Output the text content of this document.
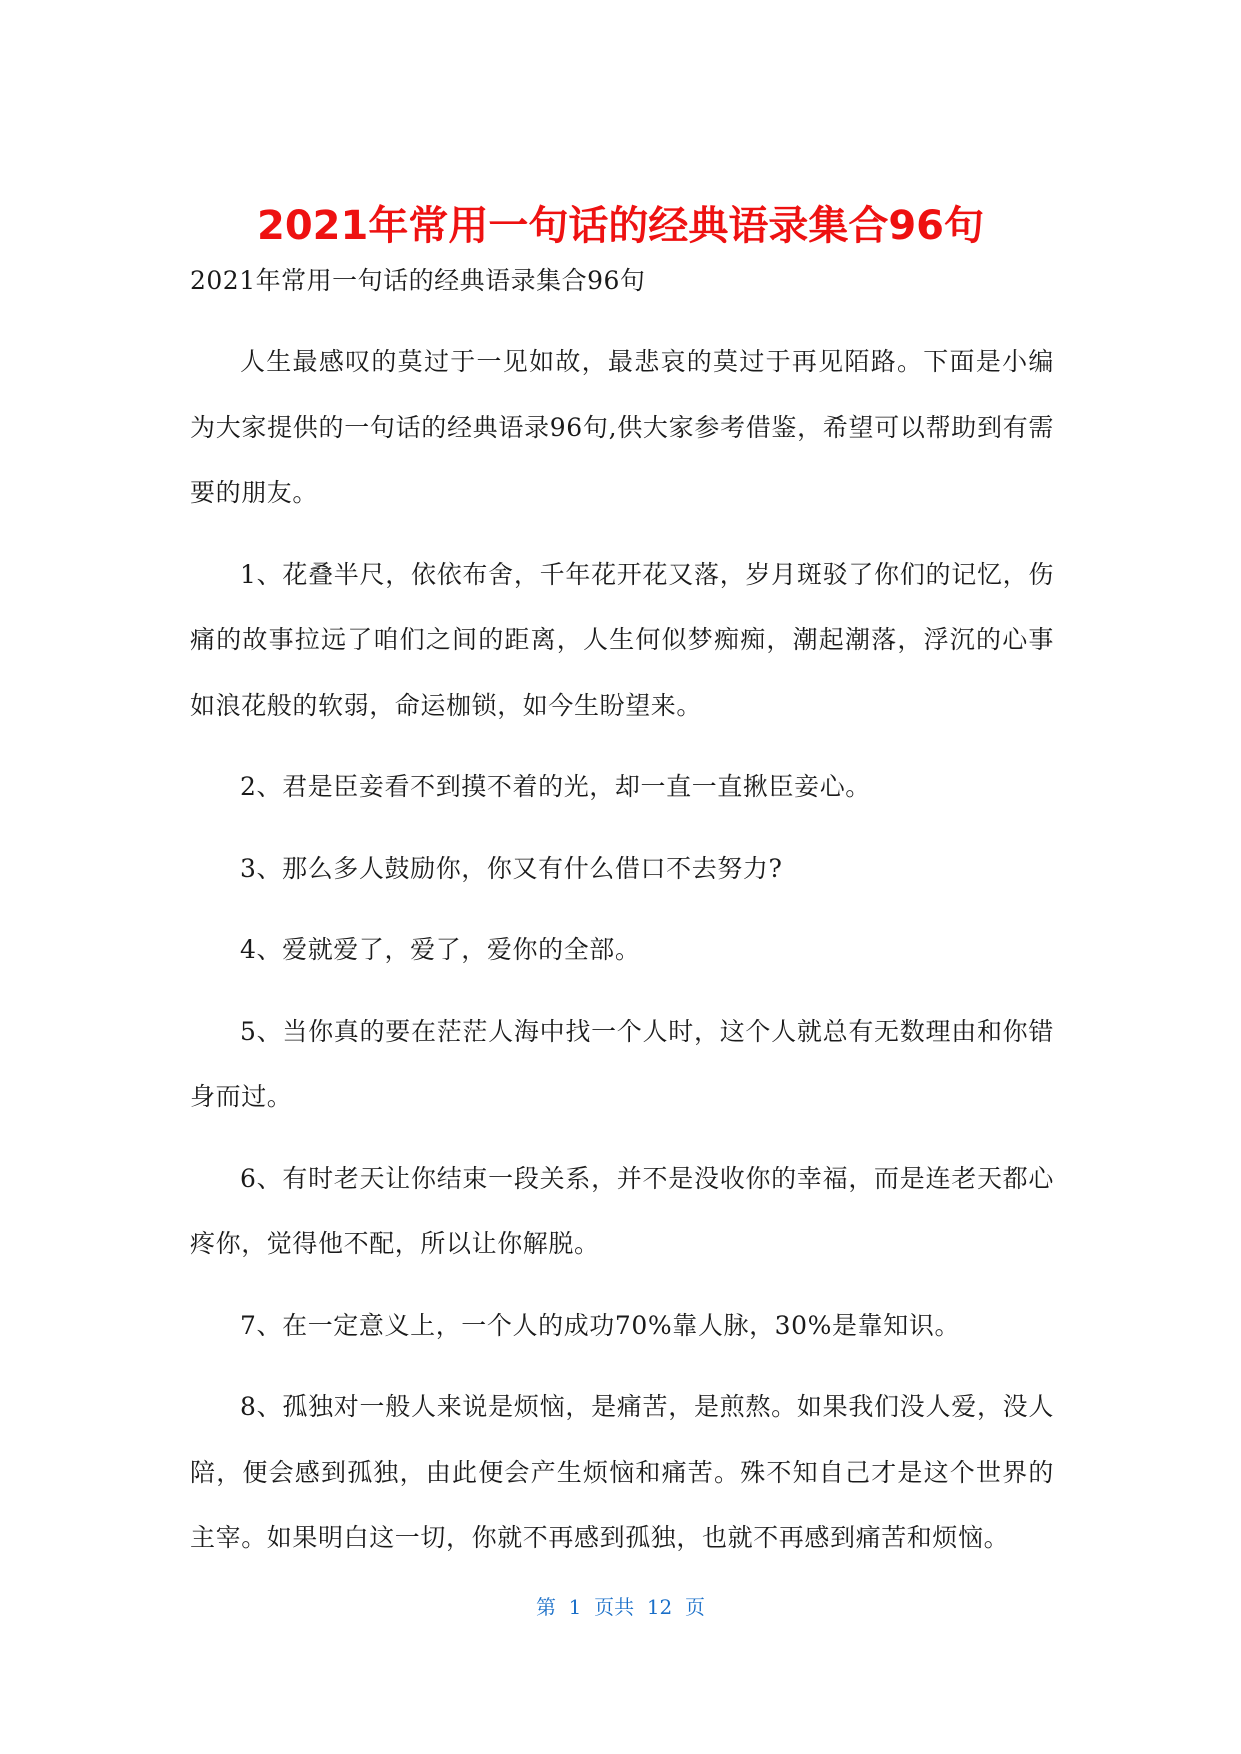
2021年常用一句话的经典语录集合96句

2021年常用一句话的经典语录集合96句

人生最感叹的莫过于一见如故，最悲哀的莫过于再见陌路。下面是小编为大家提供的一句话的经典语录96句,供大家参考借鉴，希望可以帮助到有需要的朋友。

1、花叠半尺，依依布舍，千年花开花又落，岁月斑驳了你们的记忆，伤痛的故事拉远了咱们之间的距离，人生何似梦痴痴，潮起潮落，浮沉的心事如浪花般的软弱，命运枷锁，如今生盼望来。

2、君是臣妾看不到摸不着的光，却一直一直揪臣妾心。

3、那么多人鼓励你，你又有什么借口不去努力?

4、爱就爱了，爱了，爱你的全部。

5、当你真的要在茫茫人海中找一个人时，这个人就总有无数理由和你错身而过。

6、有时老天让你结束一段关系，并不是没收你的幸福，而是连老天都心疼你，觉得他不配，所以让你解脱。

7、在一定意义上，一个人的成功70%靠人脉，30%是靠知识。

8、孤独对一般人来说是烦恼，是痛苦，是煎熬。如果我们没人爱，没人陪，便会感到孤独，由此便会产生烦恼和痛苦。殊不知自己才是这个世界的主宰。如果明白这一切，你就不再感到孤独，也就不再感到痛苦和烦恼。

第  1  页共  12  页
